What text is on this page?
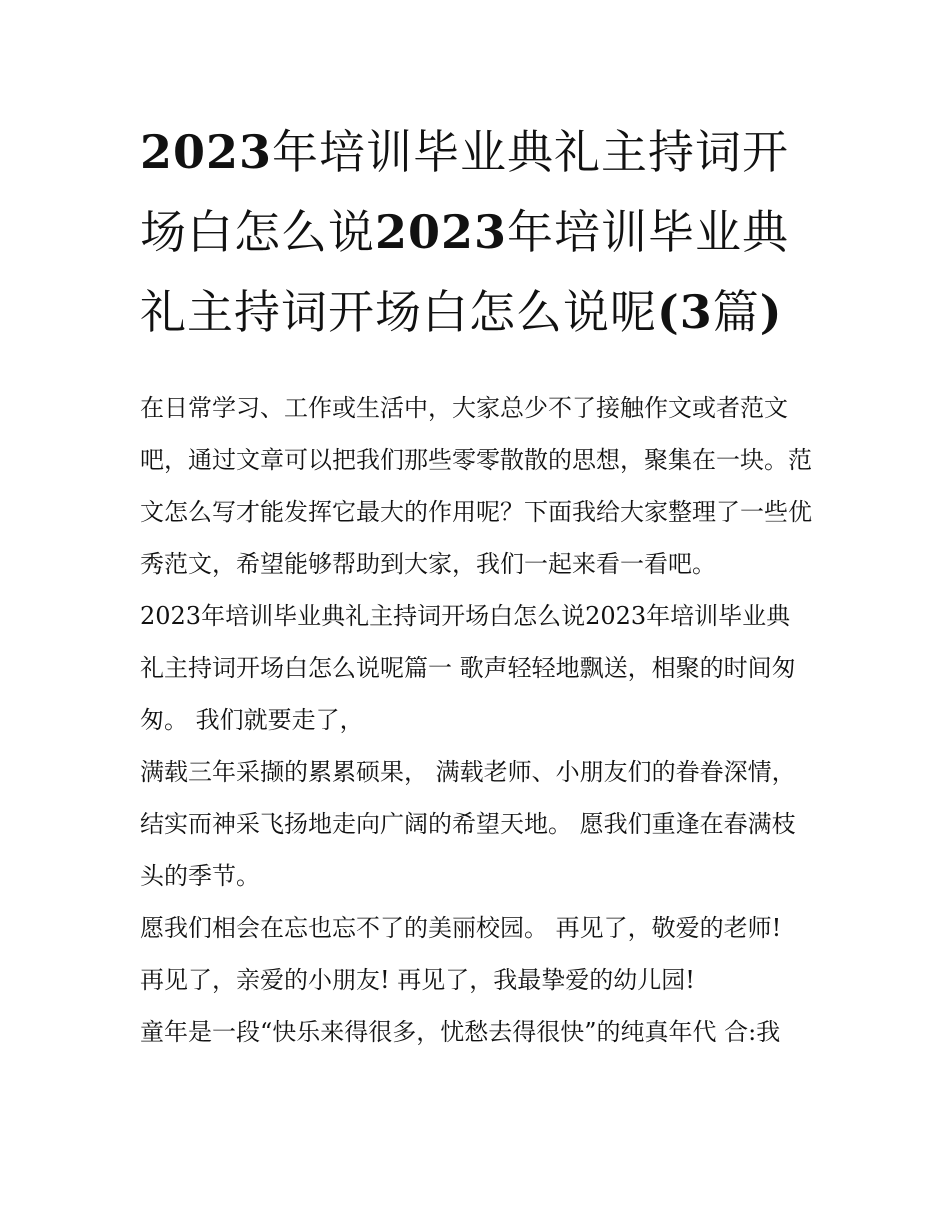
2023年培训毕业典礼主持词开场白怎么说2023年培训毕业典礼主持词开场白怎么说呢(3篇)

在日常学习、工作或生活中，大家总少不了接触作文或者范文吧，通过文章可以把我们那些零零散散的思想，聚集在一块。范文怎么写才能发挥它最大的作用呢？下面我给大家整理了一些优秀范文，希望能够帮助到大家，我们一起来看一看吧。

2023年培训毕业典礼主持词开场白怎么说2023年培训毕业典礼主持词开场白怎么说呢篇一 歌声轻轻地飘送，相聚的时间匆匆。 我们就要走了，

满载三年采撷的累累硕果， 满载老师、小朋友们的眷眷深情， 结实而神采飞扬地走向广阔的希望天地。 愿我们重逢在春满枝头的季节。

愿我们相会在忘也忘不了的美丽校园。 再见了，敬爱的老师! 再见了，亲爱的小朋友! 再见了，我最挚爱的幼儿园!

童年是一段“快乐来得很多，忧愁去得很快”的纯真年代 合:我
